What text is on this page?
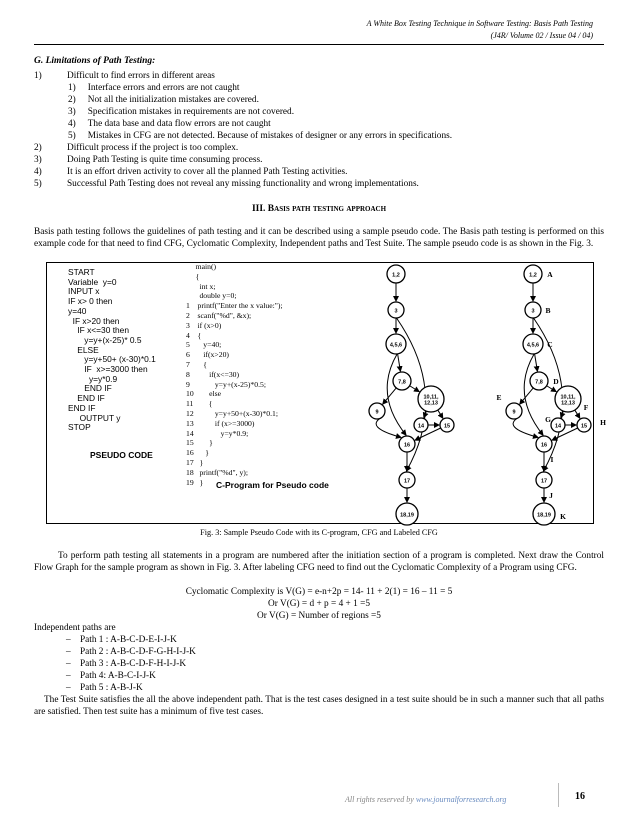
A White Box Testing Technique in Software Testing: Basis Path Testing
(J4R/ Volume 02 / Issue 04 / 04)
G. Limitations of Path Testing:
1)	Difficult to find errors in different areas
1) Interface errors and errors are not caught
2) Not all the initialization mistakes are covered.
3) Specification mistakes in requirements are not covered.
4) The data base and data flow errors are not caught
5) Mistakes in CFG are not detected. Because of mistakes of designer or any errors in specifications.
2)	Difficult process if the project is too complex.
3)	Doing Path Testing is quite time consuming process.
4)	It is an effort driven activity to cover all the planned Path Testing activities.
5)	Successful Path Testing does not reveal any missing functionality and wrong implementations.
III. Basis path testing approach
Basis path testing follows the guidelines of path testing and it can be described using a sample pseudo code. The Basis path testing is performed on this example code for that need to find CFG, Cyclomatic Complexity, Independent paths and Test Suite. The sample pseudo code is as shown in the Fig. 3.
START
Variable  y=0
INPUT x
IF x> 0 then
y=40
IF x>20 then
IF x<=30 then
y=y+(x-25)* 0.5
ELSE
y=y+50+ (x-30)*0.1
IF  x>=3000 then
y=y*0.9
END IF
END IF
END IF
OUTPUT y
STOP
PSEUDO CODE
main()
{
int x;
double y=0;
1    printf("Enter the x value:");
2    scanf("%d", &x);
3    if (x>0)
4    {
5       y=40;
6       if(x>20)
7       {
8          if(x<=30)
9             y=y+(x-25)*0.5;
10        else
11        {
12           y=y+50+(x-30)*0.1;
13           if (x>=3000)
14              y=y*0.9;
15        }
16      }
17   }
18   printf("%d", y);
19   }	C-Program for Pseudo code
1,2
3
4,5,6
7,8
9
10,11,
12,13
14	15
16
17
18,19
1,2 A
3 B
4,5,6 C
7,8 D
9
E	10,11,
12,13 F
14
G
15 H
16
I
17
J
18,19 K
Fig. 3: Sample Pseudo Code with its C-program, CFG and Labeled CFG
To perform path testing all statements in a program are numbered after the initiation section of a program is completed. Next draw the Control Flow Graph for the sample program as shown in Fig. 3. After labeling CFG need to find out the Cyclomatic Complexity of a Program using CFG.
Cyclomatic Complexity is V(G) = e-n+2p = 14- 11 + 2(1) = 16 – 11 = 5
Or V(G) = d + p = 4 + 1 =5
Or V(G) = Number of regions =5
Independent paths are
–    Path 1 : A-B-C-D-E-I-J-K
–    Path 2 : A-B-C-D-F-G-H-I-J-K
–    Path 3 : A-B-C-D-F-H-I-J-K
–    Path 4: A-B-C-I-J-K
–    Path 5 : A-B-J-K
The Test Suite satisfies the all the above independent path. That is the test cases designed in a test suite should be in such a manner such that all paths are satisfied. Then test suite has a minimum of five test cases.
All rights reserved by www.journalforresearch.org	16
